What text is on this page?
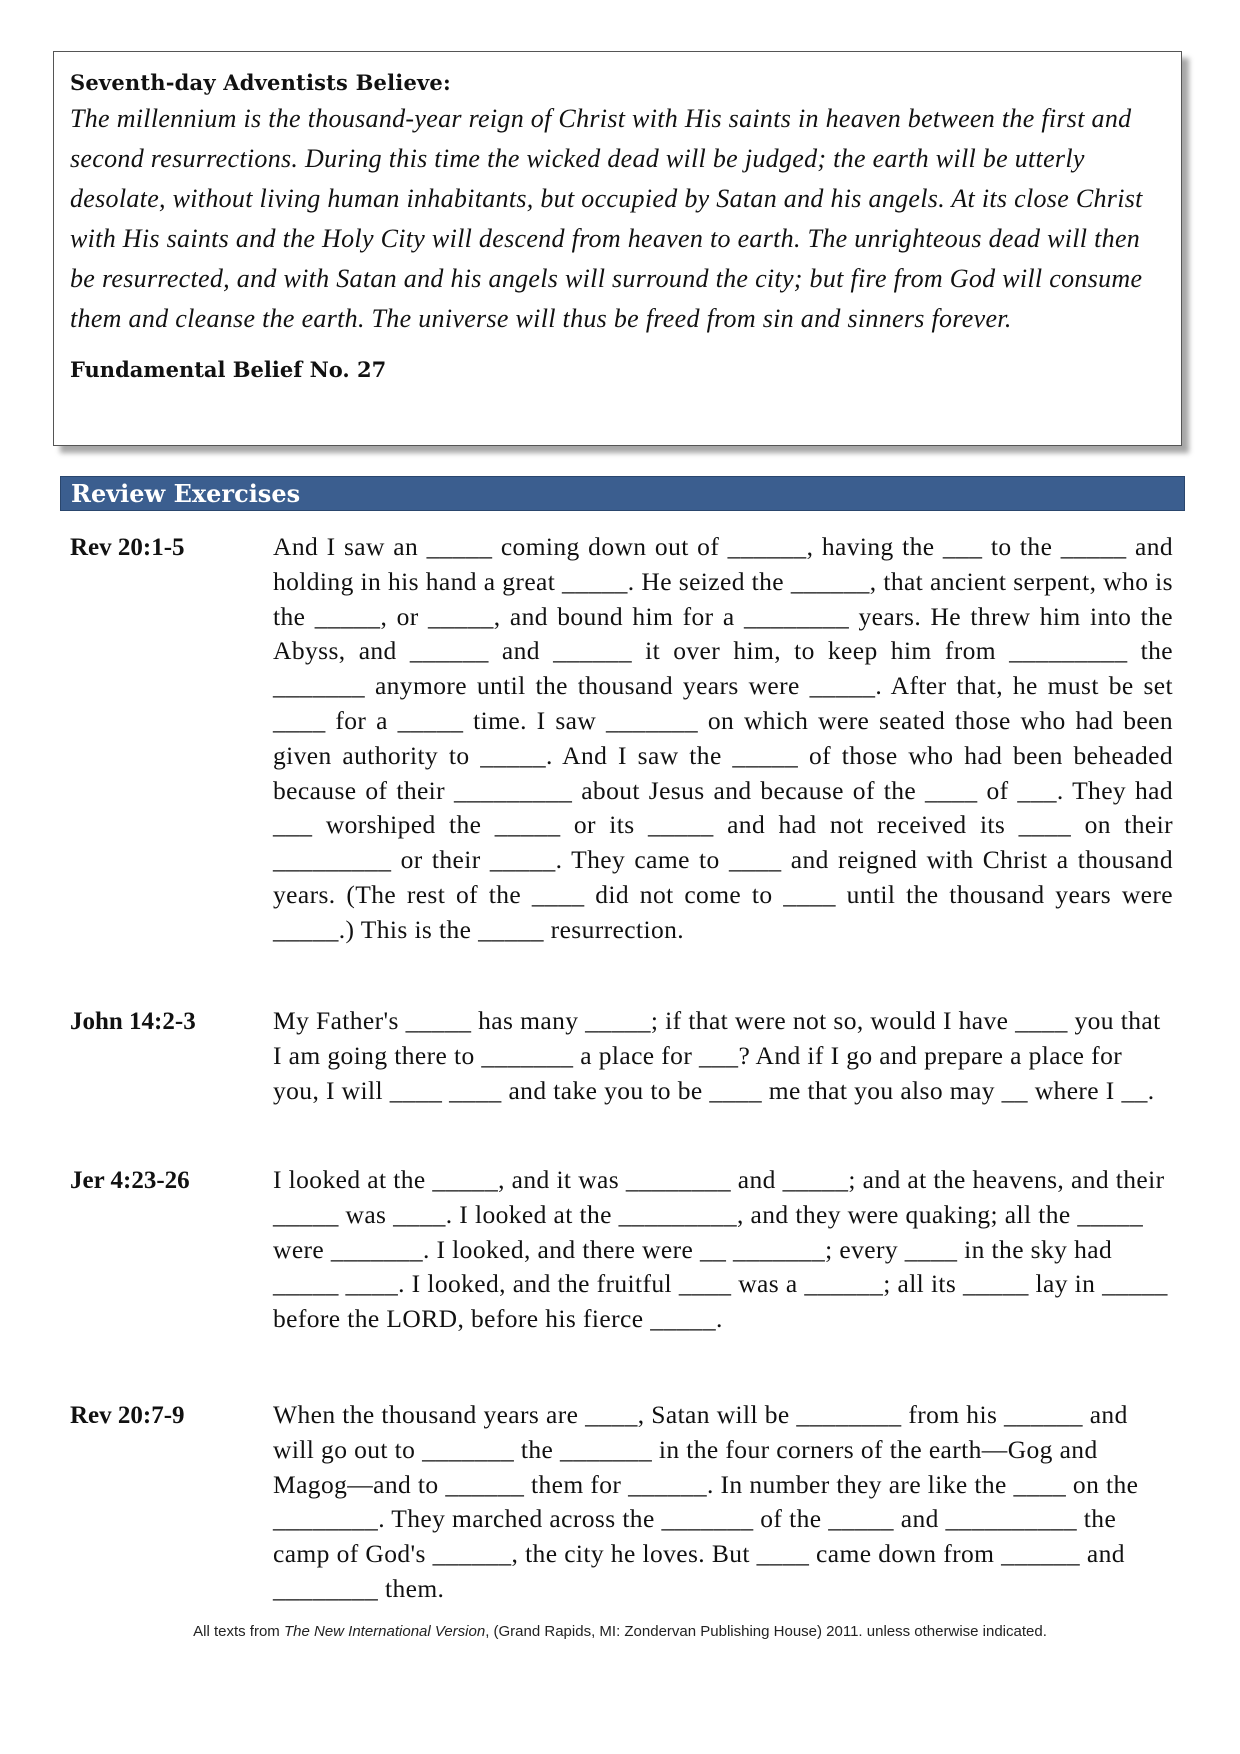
Seventh-day Adventists Believe:

The millennium is the thousand-year reign of Christ with His saints in heaven between the first and second resurrections. During this time the wicked dead will be judged; the earth will be utterly desolate, without living human inhabitants, but occupied by Satan and his angels. At its close Christ with His saints and the Holy City will descend from heaven to earth. The unrighteous dead will then be resurrected, and with Satan and his angels will surround the city; but fire from God will consume them and cleanse the earth. The universe will thus be freed from sin and sinners forever.

Fundamental Belief No. 27
Review Exercises
Rev 20:1-5	And I saw an _____ coming down out of ______, having the ___ to the _____ and holding in his hand a great _____. He seized the ______, that ancient serpent, who is the _____, or _____, and bound him for a ________ years. He threw him into the Abyss, and ______ and ______ it over him, to keep him from _________ the _______ anymore until the thousand years were _____. After that, he must be set ____ for a _____ time. I saw _______ on which were seated those who had been given authority to _____. And I saw the _____ of those who had been beheaded because of their _________ about Jesus and because of the ____ of ___. They had ___ worshiped the _____ or its _____ and had not received its ____ on their _________ or their _____. They came to ____ and reigned with Christ a thousand years. (The rest of the ____ did not come to ____ until the thousand years were _____.) This is the _____ resurrection.

John 14:2-3	My Father's _____ has many _____; if that were not so, would I have ____ you that I am going there to _______ a place for ___? And if I go and prepare a place for you, I will ____ ____ and take you to be ____ me that you also may __ where I __.

Jer 4:23-26	I looked at the _____, and it was ________ and _____; and at the heavens, and their _____ was ____. I looked at the _________, and they were quaking; all the _____ were _______. I looked, and there were __ _______; every ____ in the sky had _____ ____. I looked, and the fruitful ____ was a ______; all its _____ lay in _____ before the LORD, before his fierce _____.

Rev 20:7-9	When the thousand years are ____, Satan will be ________ from his ______ and will go out to _______ the _______ in the four corners of the earth—Gog and Magog—and to ______ them for ______. In number they are like the ____ on the ________. They marched across the _______ of the _____ and __________ the camp of God's ______, the city he loves. But ____ came down from ______ and ________ them.

All texts from The New International Version, (Grand Rapids, MI: Zondervan Publishing House) 2011. unless otherwise indicated.
